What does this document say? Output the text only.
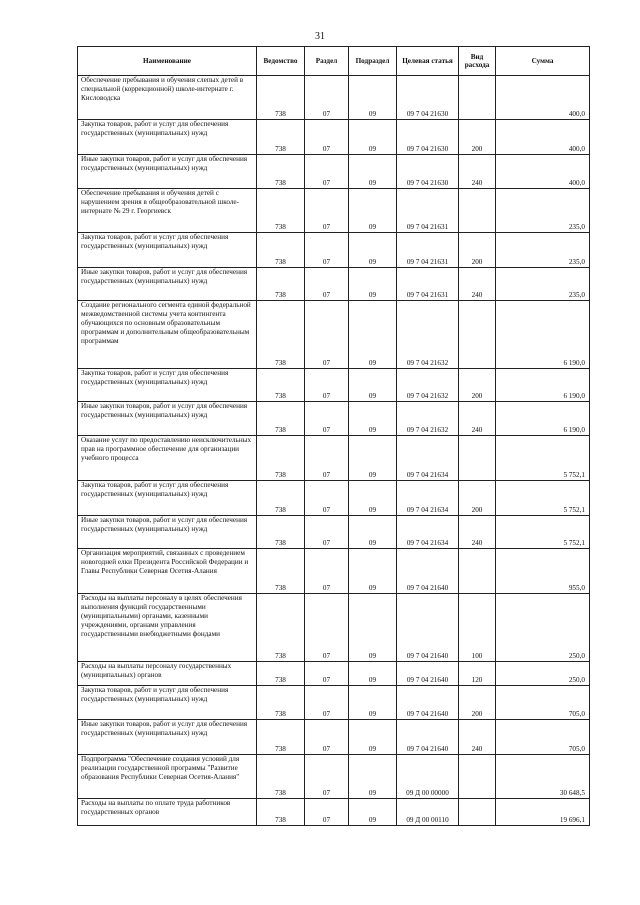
31
Наименование	Ведомство	Раздел	Подраздел	Целевая статья	Вид расхода	Сумма

Обеспечение пребывания и обучения слепых детей в специальной (коррекционной) школе-интернате г. Кисловодска	738	07	09	09 7 04 21630		400,0

Закупка товаров, работ и услуг для обеспечения государственных (муниципальных) нужд	738	07	09	09 7 04 21630	200	400,0

Иные закупки товаров, работ и услуг для обеспечения государственных (муниципальных) нужд	738	07	09	09 7 04 21630	240	400,0

Обеспечение пребывания и обучения детей с нарушением зрения в общеобразовательной школе-интернате № 29 г. Георгиевск	738	07	09	09 7 04 21631		235,0

Закупка товаров, работ и услуг для обеспечения государственных (муниципальных) нужд	738	07	09	09 7 04 21631	200	235,0

Иные закупки товаров, работ и услуг для обеспечения государственных (муниципальных) нужд	738	07	09	09 7 04 21631	240	235,0

Создание регионального сегмента единой федеральной межведомственной системы учета контингента обучающихся по основным образовательным программам и дополнительным общеобразовательным программам	738	07	09	09 7 04 21632		6 190,0

Закупка товаров, работ и услуг для обеспечения государственных (муниципальных) нужд	738	07	09	09 7 04 21632	200	6 190,0

Иные закупки товаров, работ и услуг для обеспечения государственных (муниципальных) нужд	738	07	09	09 7 04 21632	240	6 190,0

Оказание услуг по предоставлению неисключительных прав на программное обеспечение для организации учебного процесса	738	07	09	09 7 04 21634		5 752,1

Закупка товаров, работ и услуг для обеспечения государственных (муниципальных) нужд	738	07	09	09 7 04 21634	200	5 752,1

Иные закупки товаров, работ и услуг для обеспечения государственных (муниципальных) нужд	738	07	09	09 7 04 21634	240	5 752,1

Организация мероприятий, связанных с проведением новогодней елки Президента Российской Федерации и Главы Республики Северная Осетия-Алания	738	07	09	09 7 04 21640		955,0

Расходы на выплаты персоналу в целях обеспечения выполнения функций государственными (муниципальными) органами, казенными учреждениями, органами управления государственными внебюджетными фондами	738	07	09	09 7 04 21640	100	250,0

Расходы на выплаты персоналу государственных (муниципальных) органов	738	07	09	09 7 04 21640	120	250,0

Закупка товаров, работ и услуг для обеспечения государственных (муниципальных) нужд	738	07	09	09 7 04 21640	200	705,0

Иные закупки товаров, работ и услуг для обеспечения государственных (муниципальных) нужд	738	07	09	09 7 04 21640	240	705,0

Подпрограмма "Обеспечение создания условий для реализации государственной программы "Развитие образования Республики Северная Осетия-Алания"	738	07	09	09 Д 00 00000		30 648,5

Расходы на выплаты по оплате труда работников государственных органов	738	07	09	09 Д 00 00110		19 696,1
